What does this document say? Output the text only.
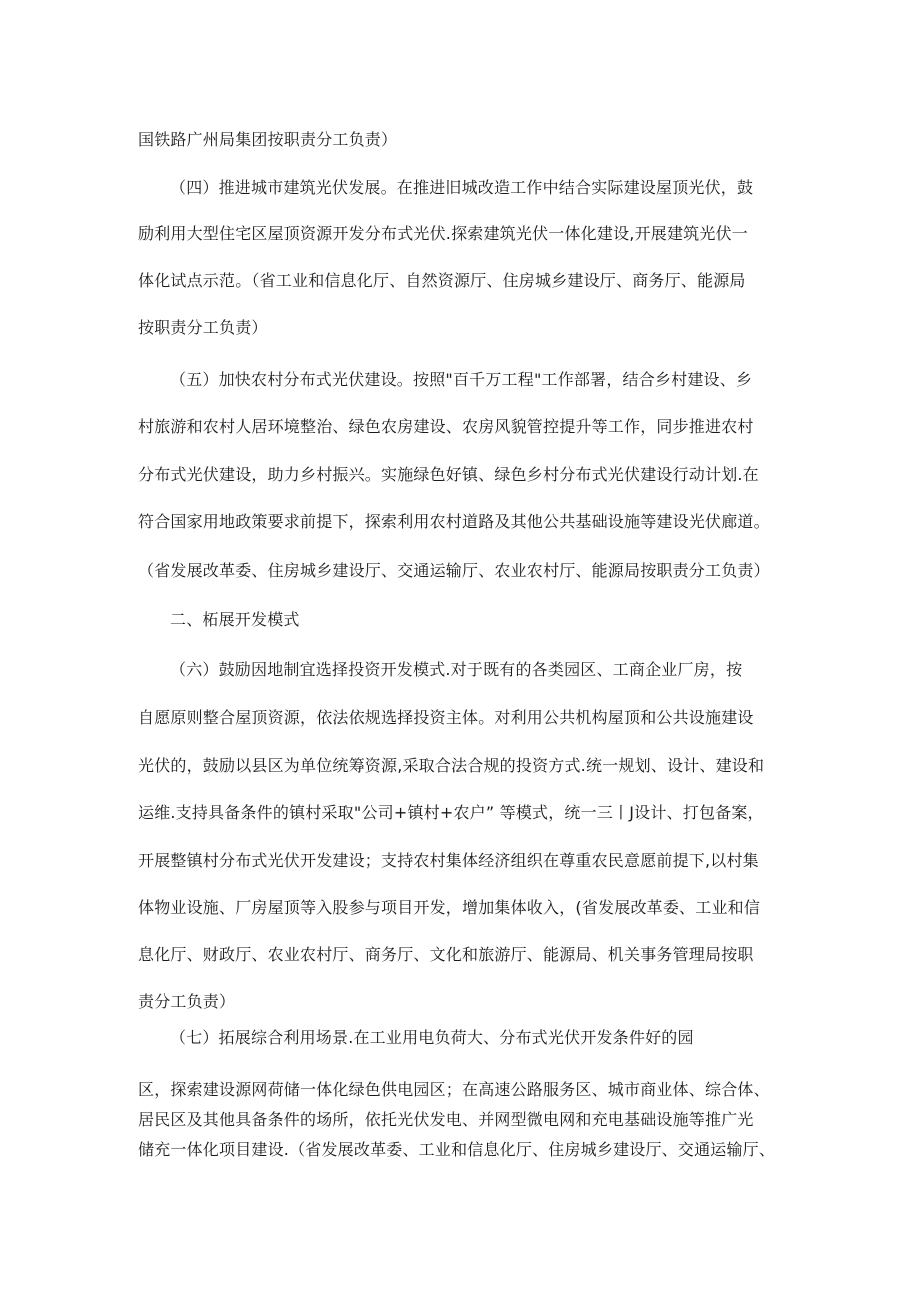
国铁路广州局集团按职责分工负责）
（四）推进城市建筑光伏发展。在推进旧城改造工作中结合实际建设屋顶光伏，鼓
励利用大型住宅区屋顶资源开发分布式光伏.探索建筑光伏一体化建设,开展建筑光伏一
体化试点示范。（省工业和信息化厅、自然资源厅、住房城乡建设厅、商务厅、能源局
按职责分工负责）
（五）加快农村分布式光伏建设。按照"百千万工程"工作部署，结合乡村建设、乡
村旅游和农村人居环境整治、绿色农房建设、农房风貌管控提升等工作，同步推进农村
分布式光伏建设，助力乡村振兴。实施绿色好镇、绿色乡村分布式光伏建设行动计划.在
符合国家用地政策要求前提下，探索利用农村道路及其他公共基础设施等建设光伏廊道。
（省发展改革委、住房城乡建设厅、交通运输厅、农业农村厅、能源局按职责分工负责）
二、柘展开发模式
（六）鼓励因地制宜选择投资开发模式.对于既有的各类园区、工商企业厂房，按
自愿原则整合屋顶资源，依法依规选择投资主体。对利用公共机构屋顶和公共设施建设
光伏的，鼓励以县区为单位统筹资源,采取合法合规的投资方式.统一规划、设计、建设和
运维.支持具备条件的镇村采取"公司+镇村+农户” 等模式，统一三丨J设计、打包备案，
开展整镇村分布式光伏开发建设；支持农村集体经济组织在尊重农民意愿前提下,以村集
体物业设施、厂房屋顶等入股参与项目开发，增加集体收入，(省发展改革委、工业和信
息化厅、财政厅、农业农村厅、商务厅、文化和旅游厅、能源局、机关事务管理局按职
责分工负责）
（七）拓展综合利用场景.在工业用电负荷大、分布式光伏开发条件好的园
区，探索建设源网荷储一体化绿色供电园区；在高速公路服务区、城市商业体、综合体、
居民区及其他具备条件的场所，依托光伏发电、并网型微电网和充电基础设施等推广光
储充一体化项目建设.（省发展改革委、工业和信息化厅、住房城乡建设厅、交通运输厅、
